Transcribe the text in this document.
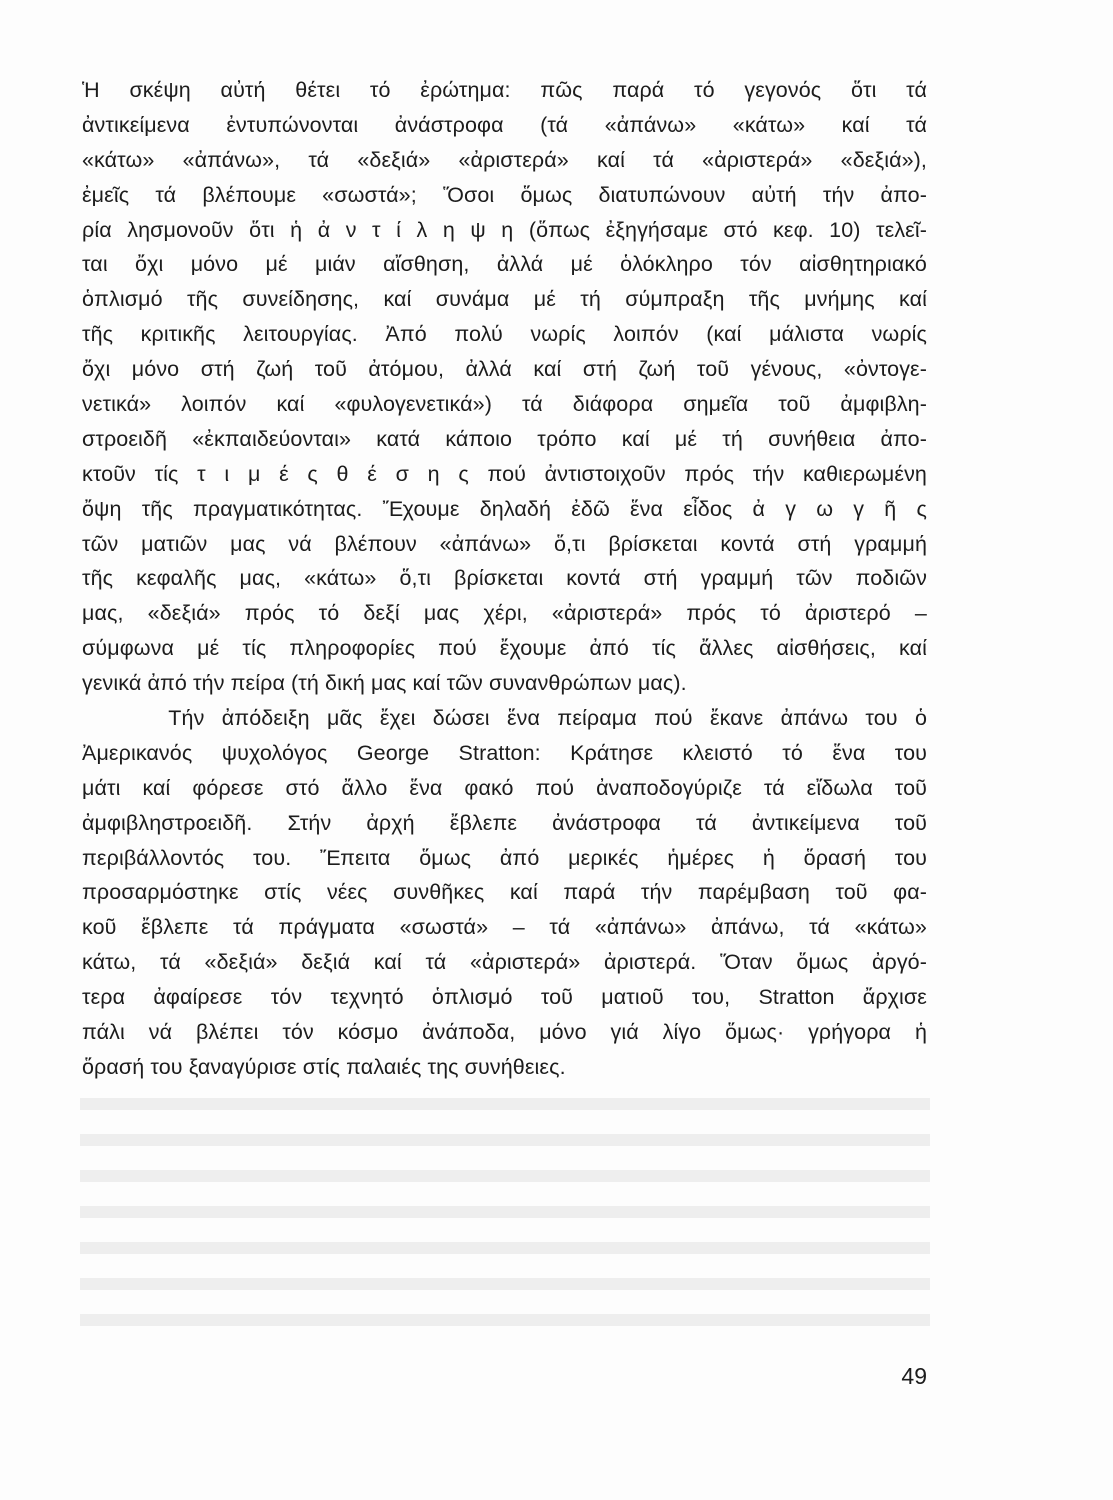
Ἡ σκέψη αὐτή θέτει τό ἐρώτημα: πῶς παρά τό γεγονός ὅτι τά
ἀντικείμενα ἐντυπώνονται ἀνάστροφα (τά «ἀπάνω» «κάτω» καί τά
«κάτω» «ἀπάνω», τά «δεξιά» «ἀριστερά» καί τά «ἀριστερά» «δεξιά»),
ἐμεῖς τά βλέπουμε «σωστά»; Ὅσοι ὅμως διατυπώνουν αὐτή τήν ἀπο-
ρία λησμονοῦν ὅτι ἡ ἀ ν τ ί λ η ψ η (ὅπως ἐξηγήσαμε στό κεφ. 10) τελεῖ-
ται ὄχι μόνο μέ μιάν αἴσθηση, ἀλλά μέ ὁλόκληρο τόν αἰσθητηριακό
ὁπλισμό τῆς συνείδησης, καί συνάμα μέ τή σύμπραξη τῆς μνήμης καί
τῆς κριτικῆς λειτουργίας. Ἀπό πολύ νωρίς λοιπόν (καί μάλιστα νωρίς
ὄχι μόνο στή ζωή τοῦ ἀτόμου, ἀλλά καί στή ζωή τοῦ γένους, «ὀντογε-
νετικά» λοιπόν καί «φυλογενετικά») τά διάφορα σημεῖα τοῦ ἀμφιβλη-
στροειδῆ «ἐκπαιδεύονται» κατά κάποιο τρόπο καί μέ τή συνήθεια ἀπο-
κτοῦν τίς τ ι μ έ ς θ έ σ η ς πού ἀντιστοιχοῦν πρός τήν καθιερωμένη
ὄψη τῆς πραγματικότητας. Ἔχουμε δηλαδή ἐδῶ ἕνα εἶδος ἀ γ ω γ ῆ ς
τῶν ματιῶν μας νά βλέπουν «ἀπάνω» ὅ,τι βρίσκεται κοντά στή γραμμή
τῆς κεφαλῆς μας, «κάτω» ὅ,τι βρίσκεται κοντά στή γραμμή τῶν ποδιῶν
μας, «δεξιά» πρός τό δεξί μας χέρι, «ἀριστερά» πρός τό ἀριστερό –
σύμφωνα μέ τίς πληροφορίες πού ἔχουμε ἀπό τίς ἄλλες αἰσθήσεις, καί
γενικά ἀπό τήν πείρα (τή δική μας καί τῶν συνανθρώπων μας).
Τήν ἀπόδειξη μᾶς ἔχει δώσει ἕνα πείραμα πού ἔκανε ἀπάνω του ὁ
Ἀμερικανός ψυχολόγος George Stratton: Κράτησε κλειστό τό ἕνα του
μάτι καί φόρεσε στό ἄλλο ἕνα φακό πού ἀναποδογύριζε τά εἴδωλα τοῦ
ἀμφιβληστροειδῆ. Στήν ἀρχή ἔβλεπε ἀνάστροφα τά ἀντικείμενα τοῦ
περιβάλλοντός του. Ἔπειτα ὅμως ἀπό μερικές ἡμέρες ἡ ὅρασή του
προσαρμόστηκε στίς νέες συνθῆκες καί παρά τήν παρέμβαση τοῦ φα-
κοῦ ἔβλεπε τά πράγματα «σωστά» – τά «ἀπάνω» ἀπάνω, τά «κάτω»
κάτω, τά «δεξιά» δεξιά καί τά «ἀριστερά» ἀριστερά. Ὅταν ὅμως ἀργό-
τερα ἀφαίρεσε τόν τεχνητό ὁπλισμό τοῦ ματιοῦ του, Stratton ἄρχισε
πάλι νά βλέπει τόν κόσμο ἀνάποδα, μόνο γιά λίγο ὅμως· γρήγορα ἡ
ὅρασή του ξαναγύρισε στίς παλαιές της συνήθειες.
49
